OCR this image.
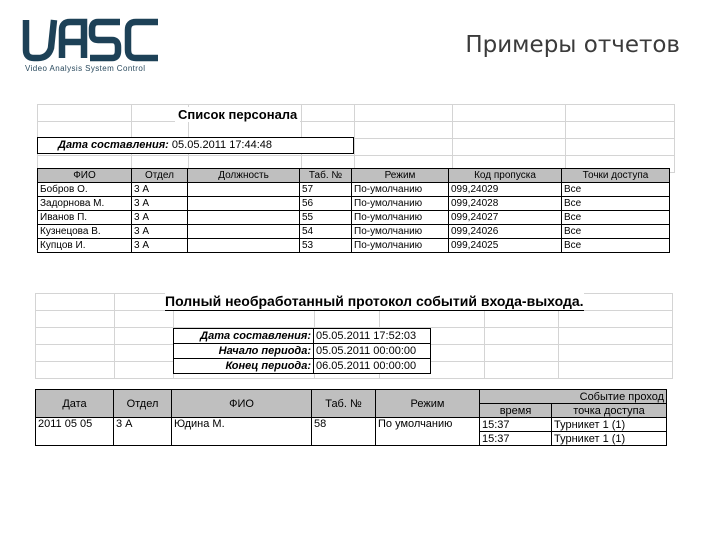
Video Analysis System Control
Примеры отчетов

Список персонала
Дата составления: 05.05.2011 17:44:48
ФИО	Отдел	Должность	Таб. №	Режим	Код пропуска	Точки доступа
Бобров О.	3 А		57	По-умолчанию	099,24029	Все
Задорнова М.	3 А		56	По-умолчанию	099,24028	Все
Иванов П.	3 А		55	По-умолчанию	099,24027	Все
Кузнецова В.	3 А		54	По-умолчанию	099,24026	Все
Купцов И.	3 А		53	По-умолчанию	099,24025	Все

Полный необработанный протокол событий входа-выхода.
Дата составления:	05.05.2011 17:52:03
Начало периода:	05.05.2011 00:00:00
Конец периода:	06.05.2011 00:00:00
Дата	Отдел	ФИО	Таб. №	Режим	Событие проход	
					время	точка доступа
2011 05 05	3 А	Юдина М.	58	По умолчанию	15:37	Турникет 1 (1)
					15:37	Турникет 1 (1)
